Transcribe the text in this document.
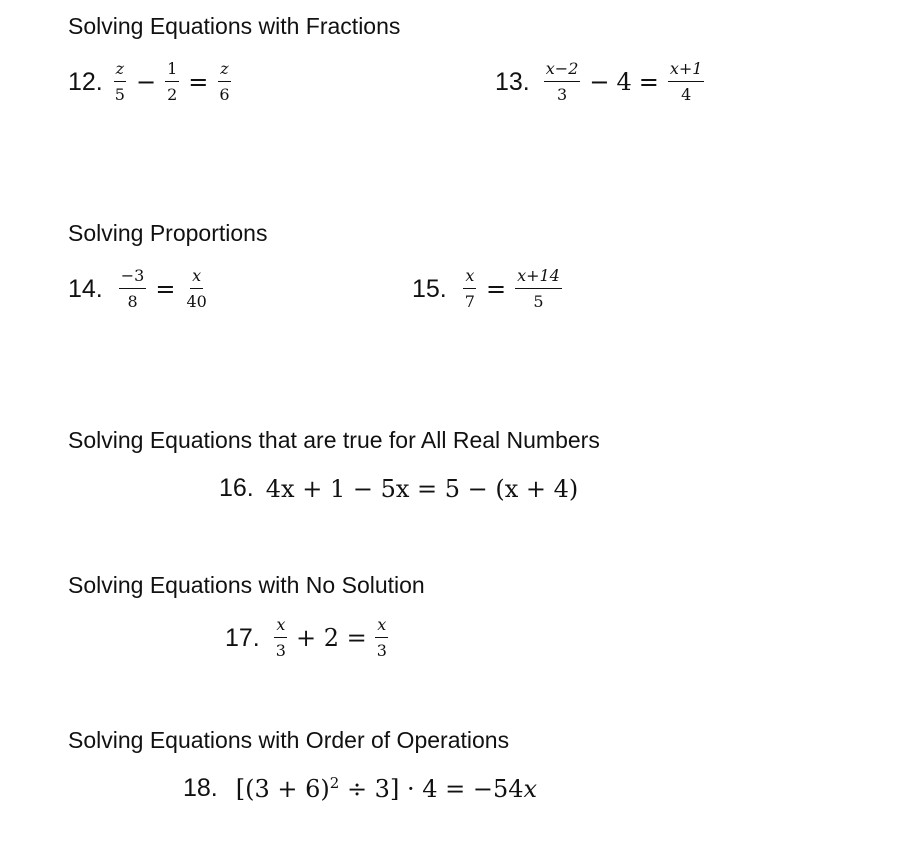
Solving Equations with Fractions
Solving Proportions
Solving Equations that are true for All Real Numbers
Solving Equations with No Solution
Solving Equations with Order of Operations
12. $\frac{z}{5} - \frac{1}{2} = \frac{z}{6}$	13. $\frac{x-2}{3} - 4 = \frac{x+1}{4}$
14. $\frac{-3}{8} = \frac{x}{40}$	15. $\frac{x}{7} = \frac{x+14}{5}$
16. 4x + 1 − 5x = 5 − (x + 4)
17. $\frac{x}{3} + 2 = \frac{x}{3}$
18. $[(3 + 6)^2 \div 3] \cdot 4 = -54x$
